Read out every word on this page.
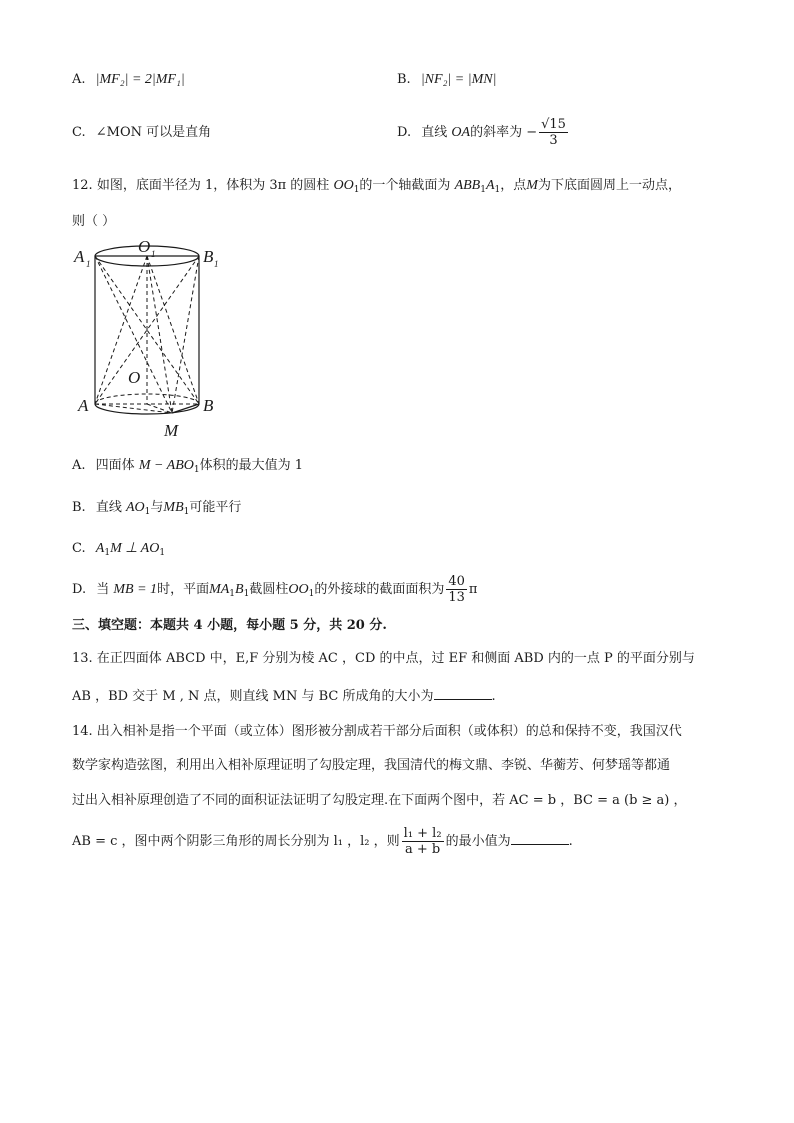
A. |MF₂| = 2|MF₁|	B. |NF₂| = |MN|
C. ∠MON 可以是直角	D. 直线 OA的斜率为 − $\frac{√15}{3}$
12. 如图，底面半径为 1，体积为 3π 的圆柱 $OO_1$的一个轴截面为 $ABB_1A_1$，点M为下底面圆周上一动点，
则（ ）
A 1
O 1	B 1
O
A	B
M
A. 四面体 $M - ABO_1$体积的最大值为 1
B. 直线 $AO_1$与$MB_1$可能平行
C. $A_1M$ ⊥ $AO_1$
D. 当 MB = 1时，平面$MA_1B_1$截圆柱$OO_1$的外接球的截面面积为 $\frac{40}{13}$ π
三、填空题：本题共 4 小题，每小题 5 分，共 20 分.
13. 在正四面体 ABCD 中，E,F 分别为棱 AC ，CD 的中点，过 EF 和侧面 ABD 内的一点 P 的平面分别与
AB ，BD 交于 M , N 点，则直线 MN 与 BC 所成角的大小为	.
14. 出入相补是指一个平面（或立体）图形被分割成若干部分后面积（或体积）的总和保持不变，我国汉代
数学家构造弦图，利用出入相补原理证明了勾股定理，我国清代的梅文鼎、李锐、华蘅芳、何梦瑶等都通
过出入相补原理创造了不同的面积证法证明了勾股定理.在下面两个图中，若 AC = b ，BC = a (b ≥ a) ，
AB = c ，图中两个阴影三角形的周长分别为 l₁ ，l₂ ，则 $\frac{\text{l₁ + l₂}}{a + b}$ 的最小值为	.
